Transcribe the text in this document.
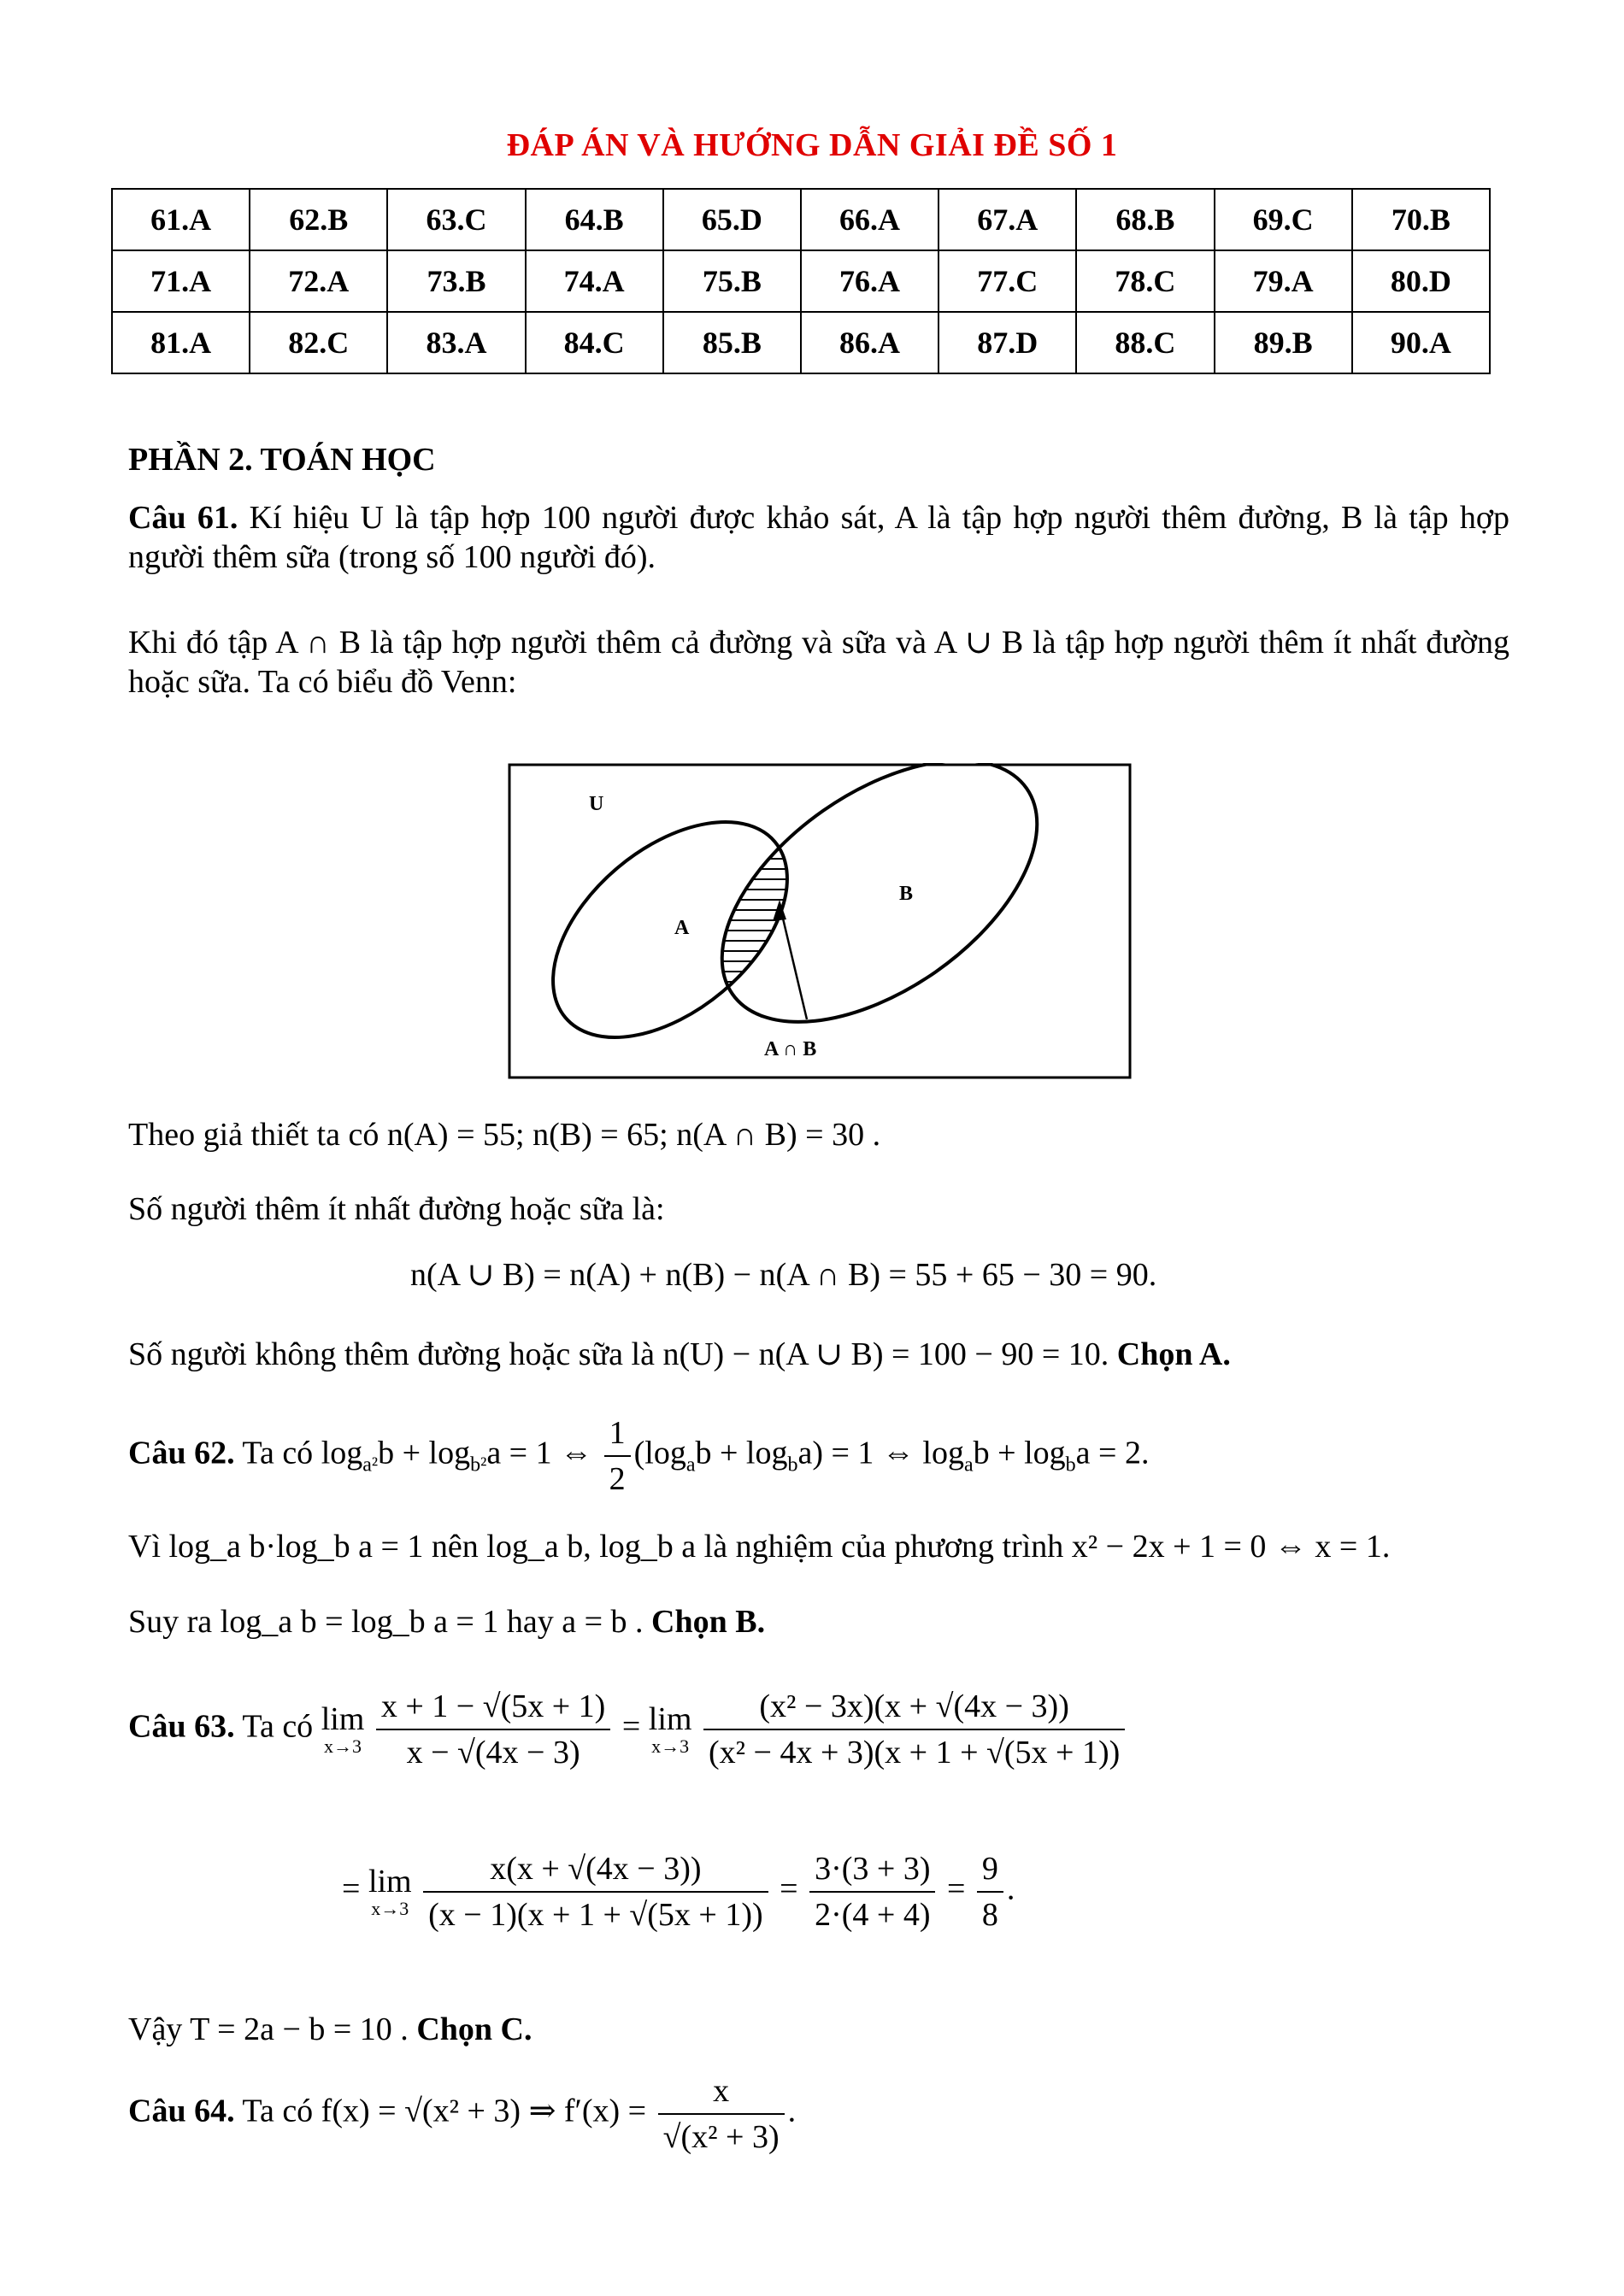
ĐÁP ÁN VÀ HƯỚNG DẪN GIẢI ĐỀ SỐ 1
61.A	62.B	63.C	64.B	65.D	66.A	67.A	68.B	69.C	70.B
71.A	72.A	73.B	74.A	75.B	76.A	77.C	78.C	79.A	80.D
81.A	82.C	83.A	84.C	85.B	86.A	87.D	88.C	89.B	90.A
PHẦN 2. TOÁN HỌC
Câu 61. Kí hiệu U là tập hợp 100 người được khảo sát, A là tập hợp người thêm đường, B là tập hợp người thêm sữa (trong số 100 người đó).
Khi đó tập A ∩ B là tập hợp người thêm cả đường và sữa và A ∪ B là tập hợp người thêm ít nhất đường hoặc sữa. Ta có biểu đồ Venn:
U
A
B
A ∩ B
Theo giả thiết ta có n(A) = 55; n(B) = 65; n(A ∩ B) = 30 .
Số người thêm ít nhất đường hoặc sữa là:
n(A ∪ B) = n(A) + n(B) − n(A ∩ B) = 55 + 65 − 30 = 90.
Số người không thêm đường hoặc sữa là n(U) − n(A ∪ B) = 100 − 90 = 10. Chọn A.
Câu 62. Ta có $\log_{a^2}b + \log_{b^2}a = 1$ ⇔ $\frac{1}{2} (\log_ab + \log_ba) = 1$ ⇔ $\log_ab + \log_ba = 2$.
Vì log_a b·log_b a = 1 nên log_a b, log_b a là nghiệm của phương trình x² − 2x + 1 = 0 ⇔ x = 1.
Suy ra log_a b = log_b a = 1 hay a = b . Chọn B.
Câu 63. Ta có lim
x→3
$\frac{x + 1 - √(5x + 1)}{x - √(4x - 3)} = \lim$
x→3
$\frac{\text{(x² − 3x)(x + √(4x − 3))}}{\text{(x² − 4x + 3)(x + 1 + √(5x + 1))}}$
= lim
x→3
$\frac{x(x + √(4x - 3))}{(x - 1)(x + 1 + √(5x + 1))} = \frac{3\cdot(3 + 3)}{2\cdot(4 + 4)} = \frac{9}{8}$ .
Vậy T = 2a − b = 10 . Chọn C.
Câu 64. Ta có f(x) = √(x² + 3) ⇒ $f'(x) = \frac{x}{\text{√(x² + 3)}}$ .
